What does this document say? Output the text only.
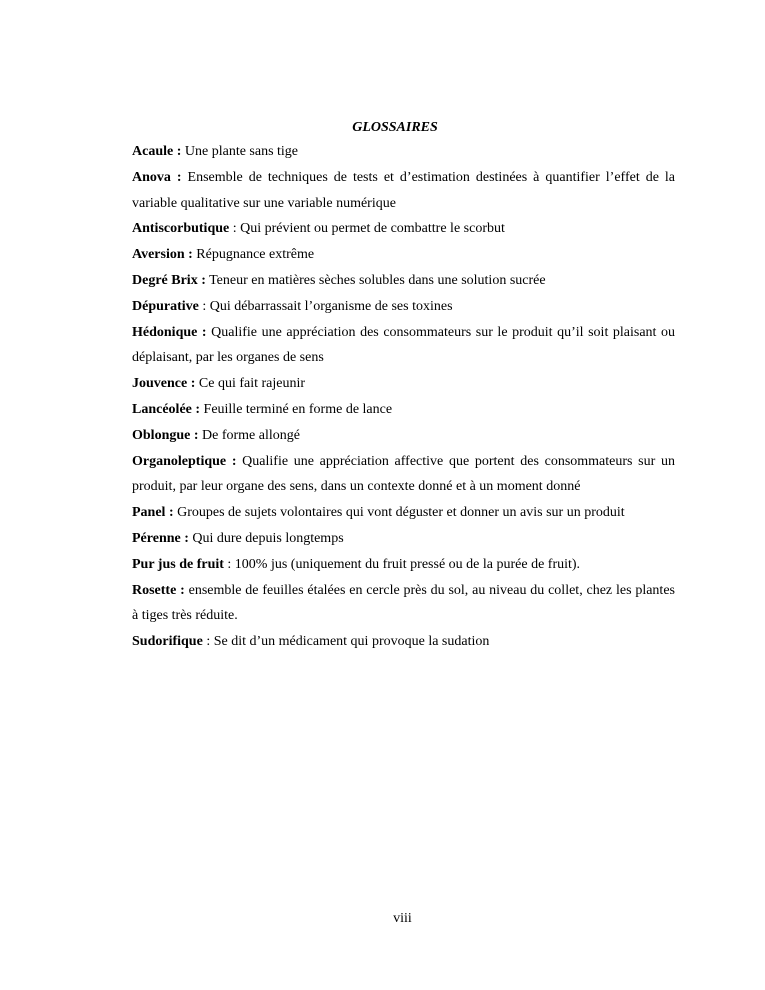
GLOSSAIRES

Acaule : Une plante sans tige

Anova : Ensemble de techniques de tests et d’estimation destinées à quantifier l’effet de la variable qualitative sur une variable numérique

Antiscorbutique : Qui prévient ou permet de combattre le scorbut

Aversion : Répugnance extrême

Degré Brix : Teneur en matières sèches solubles dans une solution sucrée

Dépurative : Qui débarrassait l’organisme de ses toxines

Hédonique : Qualifie une appréciation des consommateurs sur le produit qu’il soit plaisant ou déplaisant, par les organes de sens

Jouvence : Ce qui fait rajeunir

Lancéolée : Feuille terminé en forme de lance

Oblongue : De forme allongé

Organoleptique : Qualifie une appréciation affective que portent des consommateurs sur un produit, par leur organe des sens, dans un contexte donné et à un moment donné

Panel : Groupes de sujets volontaires qui vont déguster et donner un avis sur un produit

Pérenne : Qui dure depuis longtemps

Pur jus de fruit : 100% jus (uniquement du fruit pressé ou de la purée de fruit).

Rosette : ensemble de feuilles étalées en cercle près du sol, au niveau du collet, chez les plantes à tiges très réduite.

Sudorifique : Se dit d’un médicament qui provoque la sudation

viii
